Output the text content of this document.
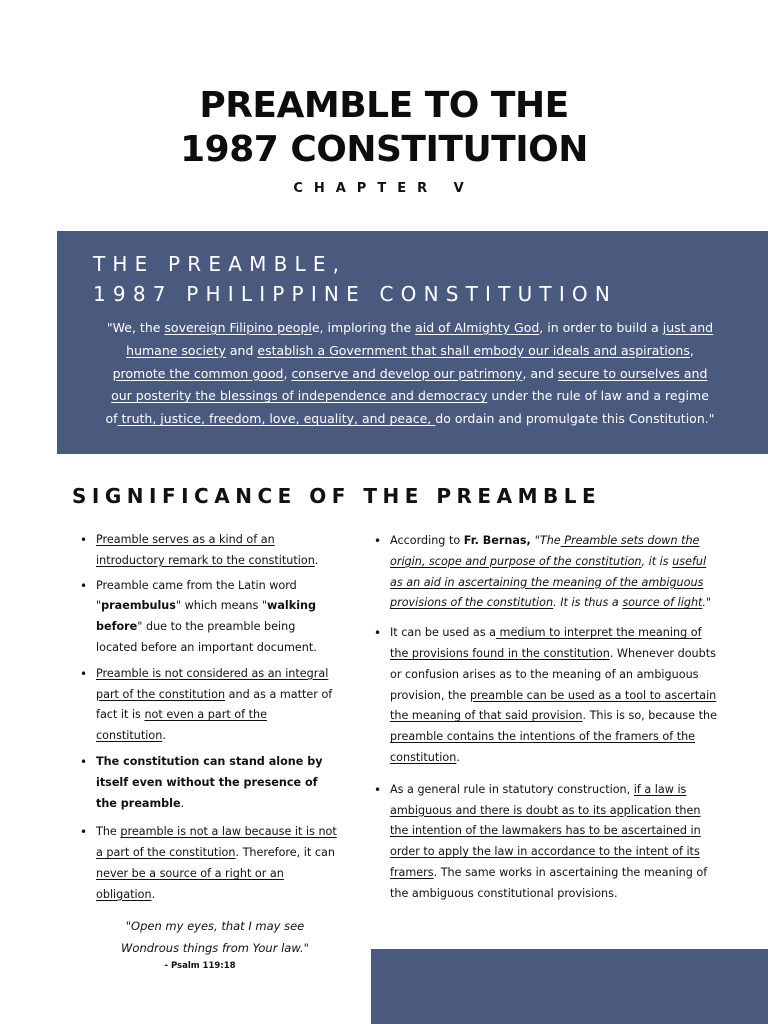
PREAMBLE TO THE
1987 CONSTITUTION
CHAPTER V
THE PREAMBLE,
1987 PHILIPPINE CONSTITUTION
"We, the sovereign Filipino people, imploring the aid of Almighty God, in order to build a just and humane society and establish a Government that shall embody our ideals and aspirations, promote the common good, conserve and develop our patrimony, and secure to ourselves and our posterity the blessings of independence and democracy under the rule of law and a regime of truth, justice, freedom, love, equality, and peace, do ordain and promulgate this Constitution."
SIGNIFICANCE OF THE PREAMBLE
• Preamble serves as a kind of an introductory remark to the constitution.
• Preamble came from the Latin word "praembulus" which means "walking before" due to the preamble being located before an important document.
• Preamble is not considered as an integral part of the constitution and as a matter of fact it is not even a part of the constitution.
• The constitution can stand alone by itself even without the presence of the preamble.
• The preamble is not a law because it is not a part of the constitution. Therefore, it can never be a source of a right or an obligation.
• According to Fr. Bernas, "The Preamble sets down the origin, scope and purpose of the constitution, it is useful as an aid in ascertaining the meaning of the ambiguous provisions of the constitution. It is thus a source of light."
• It can be used as a medium to interpret the meaning of the provisions found in the constitution. Whenever doubts or confusion arises as to the meaning of an ambiguous provision, the preamble can be used as a tool to ascertain the meaning of that said provision. This is so, because the preamble contains the intentions of the framers of the constitution.
• As a general rule in statutory construction, if a law is ambiguous and there is doubt as to its application then the intention of the lawmakers has to be ascertained in order to apply the law in accordance to the intent of its framers. The same works in ascertaining the meaning of the ambiguous constitutional provisions.
"Open my eyes, that I may see
Wondrous things from Your law."
- Psalm 119:18
